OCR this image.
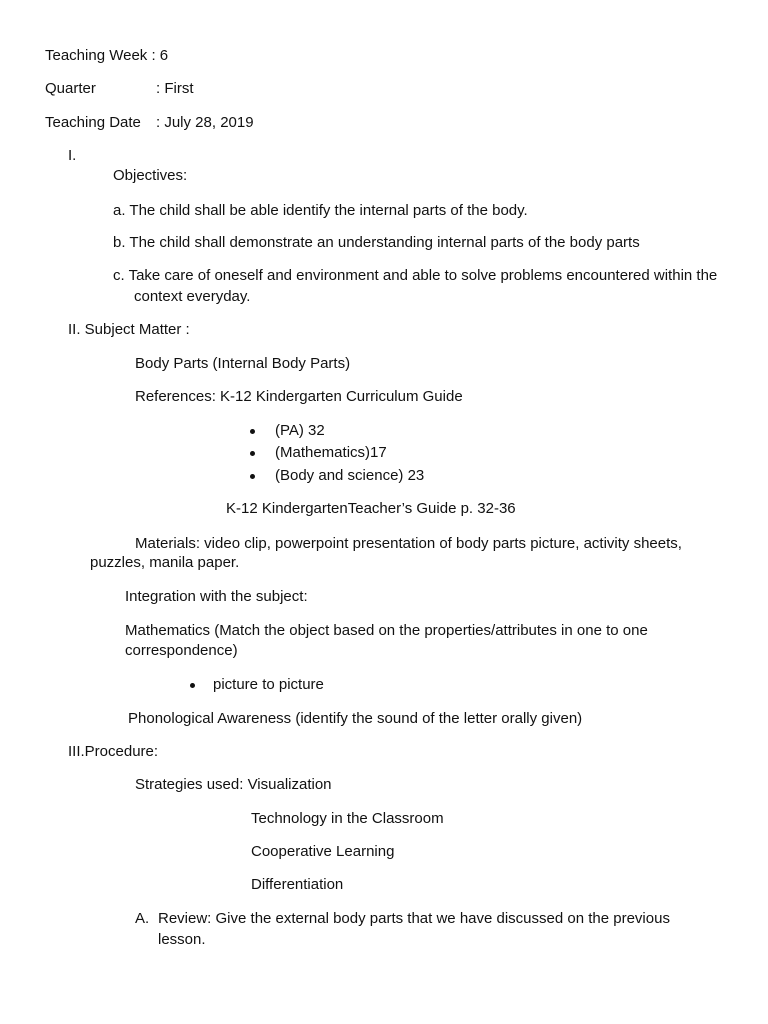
Teaching Week : 6
Quarter	: First
Teaching Date : July 28, 2019
I.
Objectives:
a. The child shall be able identify the internal parts of the body.
b. The child shall demonstrate an understanding internal parts of the body parts
c. Take care of oneself and environment and able to solve problems encountered within the
context everyday.
II. Subject Matter :
Body Parts (Internal Body Parts)
References: K-12 Kindergarten Curriculum Guide
(PA) 32
(Mathematics)17
(Body and science) 23
K-12 KindergartenTeacher’s Guide p. 32-36
Materials: video clip, powerpoint presentation of body parts picture, activity sheets,
puzzles, manila paper.
Integration with the subject:
Mathematics (Match the object based on the properties/attributes in one to one
correspondence)
picture to picture
Phonological Awareness (identify the sound of the letter orally given)
III.Procedure:
Strategies used: Visualization
Technology in the Classroom
Cooperative Learning
Differentiation
A. Review: Give the external body parts that we have discussed on the previous
lesson.
